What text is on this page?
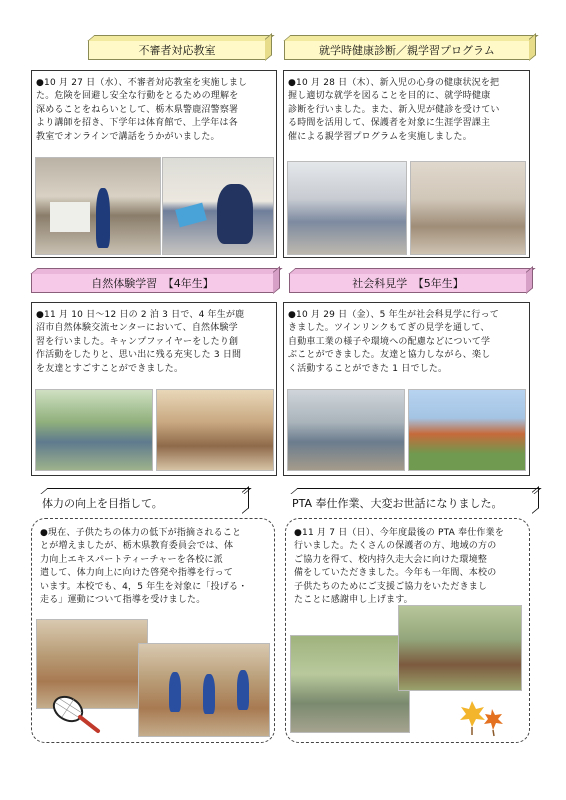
不審者対応教室
●10 月 27 日（水）、不審者対応教室を実施しまし
た。危険を回避し安全な行動をとるための理解を
深めることをねらいとして、栃木県警鹿沼警察署
より講師を招き、下学年は体育館で、上学年は各
教室でオンラインで講話をうかがいました。
就学時健康診断／親学習プログラム
●10 月 28 日（木）、新入児の心身の健康状況を把
握し適切な就学を図ることを目的に、就学時健康
診断を行いました。また、新入児が健診を受けてい
る時間を活用して、保護者を対象に生涯学習課主
催による親学習プログラムを実施しました。
自然体験学習　【4年生】
●11 月 10 日～12 日の 2 泊 3 日で、4 年生が鹿
沼市自然体験交流センターにおいて、自然体験学
習を行いました。キャンプファイヤーをしたり創
作活動をしたりと、思い出に残る充実した 3 日間
を友達とすごすことができました。
社会科見学　【5年生】
●10 月 29 日（金）、5 年生が社会科見学に行って
きました。ツインリンクもてぎの見学を通して、
自動車工業の様子や環境への配慮などについて学
ぶことができました。友達と協力しながら、楽し
く活動することができた 1 日でした。
体力の向上を目指して。
●現在、子供たちの体力の低下が指摘されること
とが増えましたが、栃木県教育委員会では、体
力向上エキスパートティーチャーを各校に派
遣して、体力向上に向けた啓発や指導を行って
います。本校でも、4，5 年生を対象に「投げる・
走る」運動について指導を受けました。
PTA 奉仕作業、大変お世話になりました。
●11 月 7 日（日）、今年度最後の PTA 奉仕作業を
行いました。たくさんの保護者の方、地域の方の
ご協力を得て、校内持久走大会に向けた環境整
備をしていただきました。今年も一年間、本校の
子供たちのためにご支援ご協力をいただきまし
たことに感謝申し上げます。
